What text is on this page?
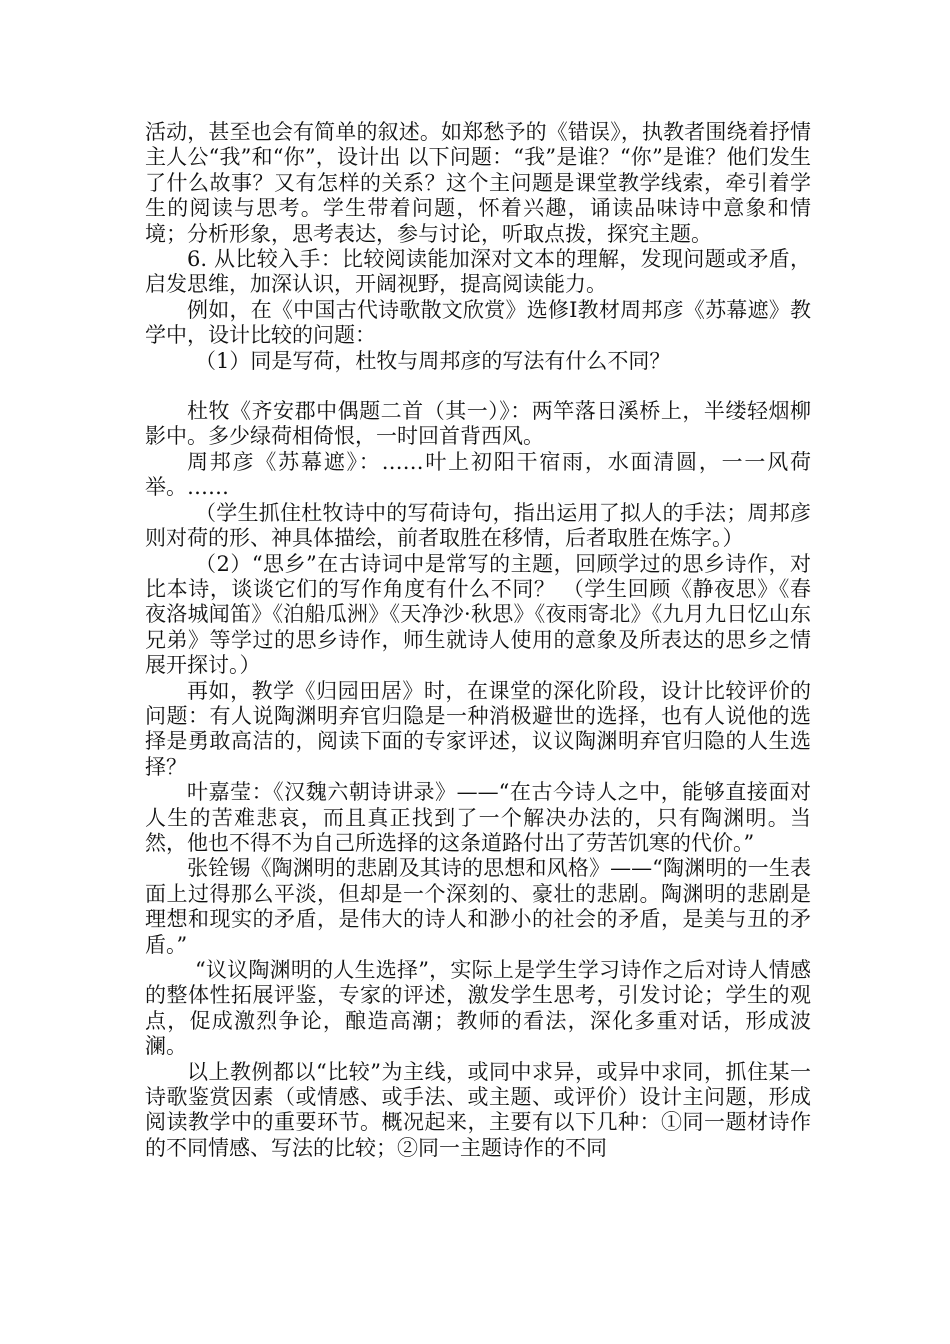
活动，甚至也会有简单的叙述。如郑愁予的《错误》，执教者围绕着抒情主人公“我”和“你”，设计出 以下问题：“我”是谁？“你”是谁？他们发生了什么故事？又有怎样的关系？这个主问题是课堂教学线索，牵引着学生的阅读与思考。学生带着问题，怀着兴趣，诵读品味诗中意象和情境；分析形象，思考表达，参与讨论，听取点拨，探究主题。

6. 从比较入手：比较阅读能加深对文本的理解，发现问题或矛盾，启发思维，加深认识，开阔视野，提高阅读能力。

例如，在《中国古代诗歌散文欣赏》选修Ⅰ教材周邦彦《苏幕遮》教学中，设计比较的问题：

（1）同是写荷，杜牧与周邦彦的写法有什么不同？

杜牧《齐安郡中偶题二首（其一）》：两竿落日溪桥上，半缕轻烟柳影中。多少绿荷相倚恨，一时回首背西风。

周邦彦《苏幕遮》：……叶上初阳干宿雨，水面清圆，一一风荷举。……

（学生抓住杜牧诗中的写荷诗句，指出运用了拟人的手法；周邦彦则对荷的形、神具体描绘，前者取胜在移情，后者取胜在炼字。）

（2）“思乡”在古诗词中是常写的主题，回顾学过的思乡诗作，对比本诗，谈谈它们的写作角度有什么不同？ （学生回顾《静夜思》《春夜洛城闻笛》《泊船瓜洲》《天净沙·秋思》《夜雨寄北》《九月九日忆山东兄弟》等学过的思乡诗作，师生就诗人使用的意象及所表达的思乡之情展开探讨。）

再如，教学《归园田居》时，在课堂的深化阶段，设计比较评价的问题：有人说陶渊明弃官归隐是一种消极避世的选择，也有人说他的选择是勇敢高洁的，阅读下面的专家评述，议议陶渊明弃官归隐的人生选择？

叶嘉莹：《汉魏六朝诗讲录》——“在古今诗人之中，能够直接面对人生的苦难悲哀，而且真正找到了一个解决办法的，只有陶渊明。当然，他也不得不为自己所选择的这条道路付出了劳苦饥寒的代价。”

张铨锡《陶渊明的悲剧及其诗的思想和风格》——“陶渊明的一生表面上过得那么平淡，但却是一个深刻的、豪壮的悲剧。陶渊明的悲剧是理想和现实的矛盾，是伟大的诗人和渺小的社会的矛盾，是美与丑的矛盾。”

“议议陶渊明的人生选择”，实际上是学生学习诗作之后对诗人情感的整体性拓展评鉴，专家的评述，激发学生思考，引发讨论；学生的观点，促成激烈争论，酿造高潮；教师的看法，深化多重对话，形成波澜。

以上教例都以“比较”为主线，或同中求异，或异中求同，抓住某一诗歌鉴赏因素（或情感、或手法、或主题、或评价）设计主问题，形成阅读教学中的重要环节。概况起来，主要有以下几种：①同一题材诗作的不同情感、写法的比较；②同一主题诗作的不同
